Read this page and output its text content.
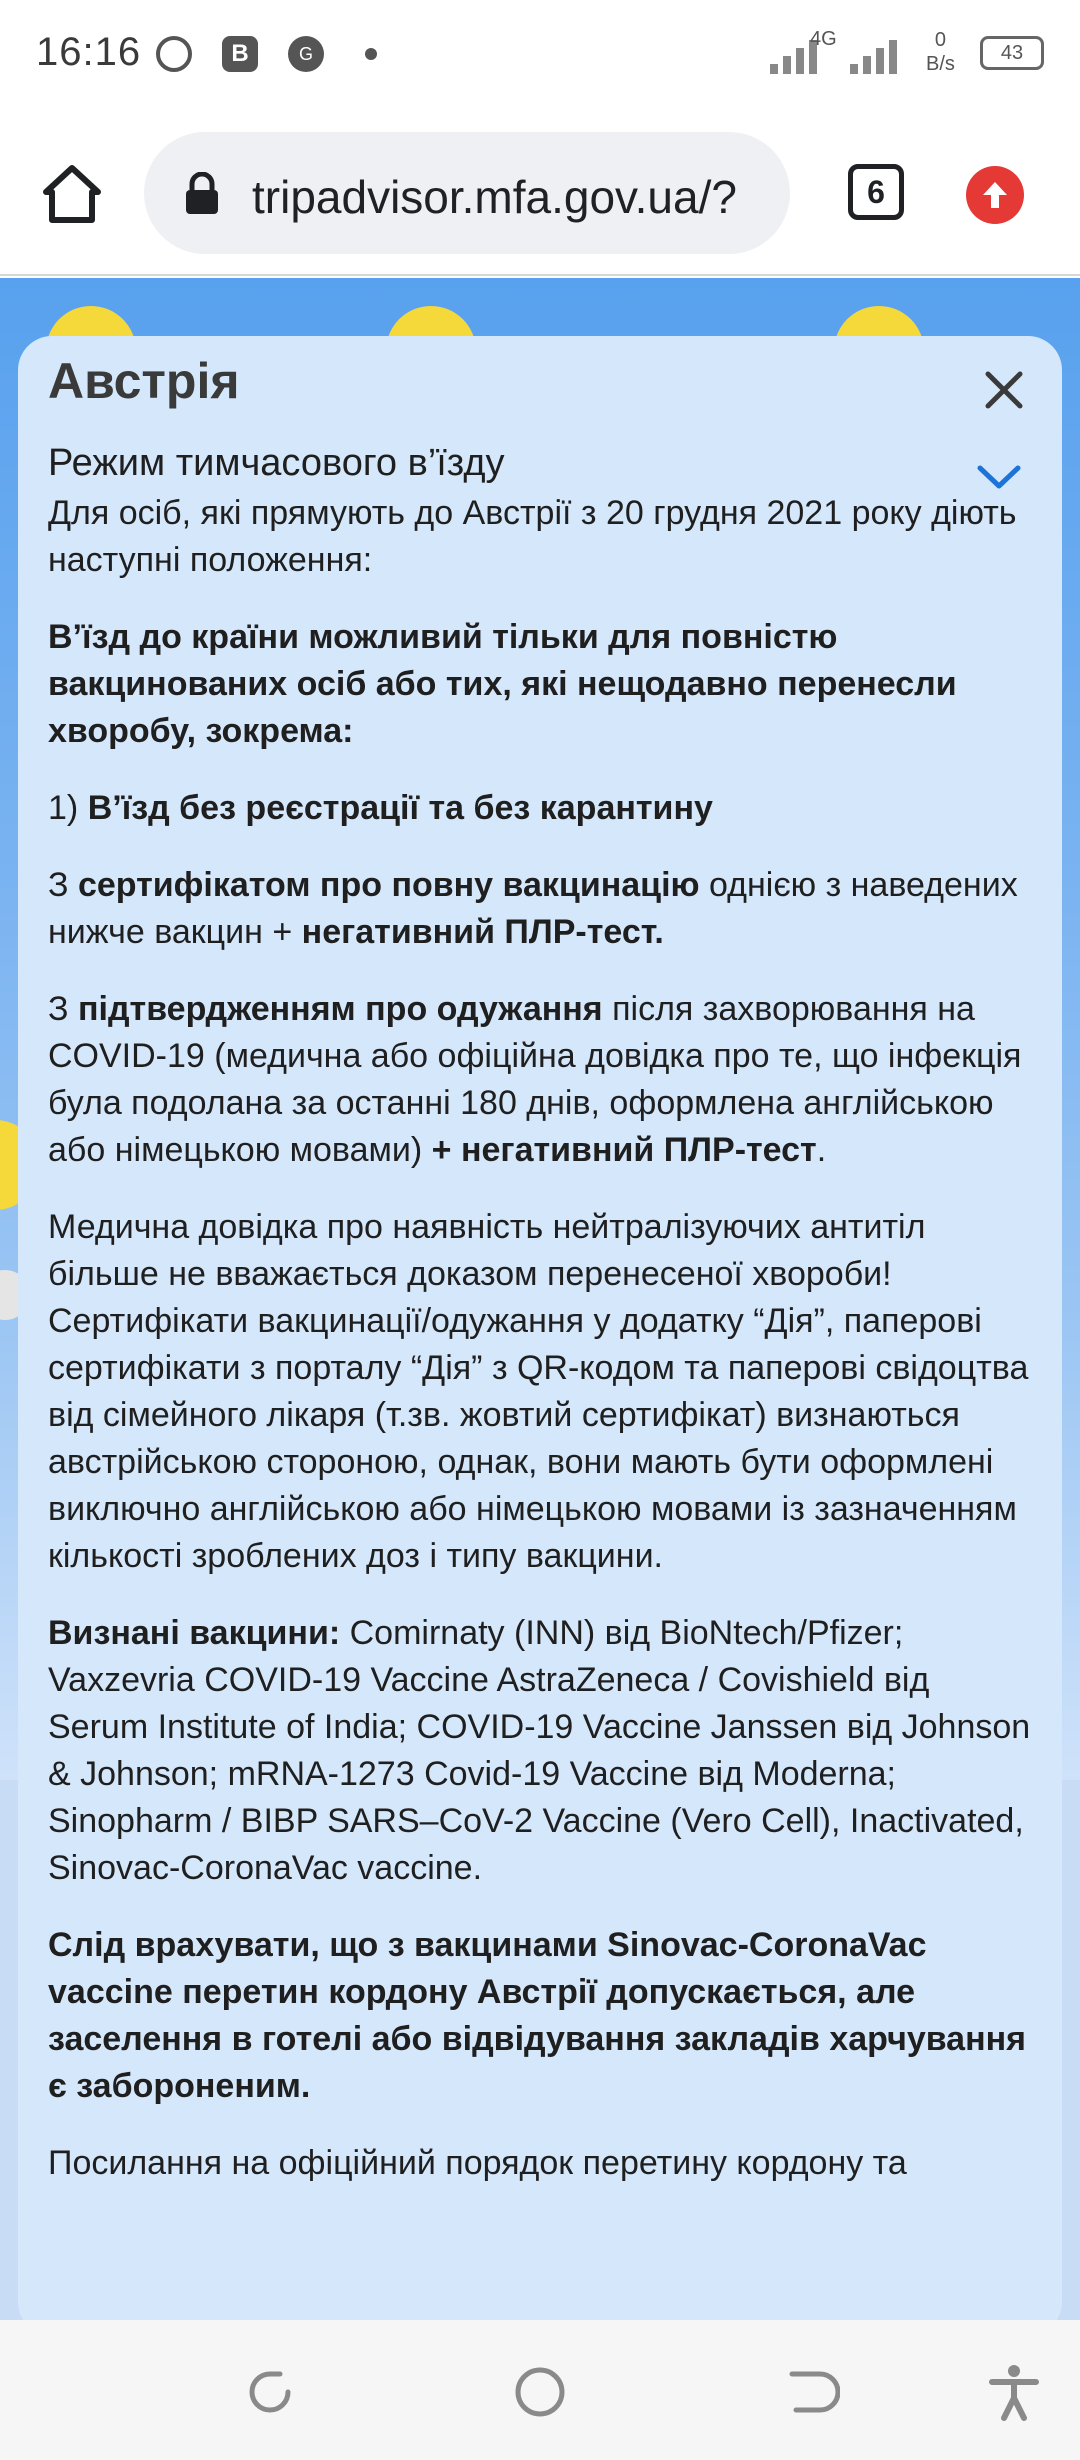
16:16	B	G
4G	0
B/s	43
tripadvisor.mfa.gov.ua/?	6
Австрія
Режим тимчасового в’їзду

Для осіб, які прямують до Австрії з 20 грудня 2021 року діють наступні положення:

В’їзд до країни можливий тільки для повністю вакцинованих осіб або тих, які нещодавно перенесли хворобу, зокрема:

1) В’їзд без реєстрації та без карантину

З сертифікатом про повну вакцинацію однією з наведених нижче вакцин + негативний ПЛР-тест.

З підтвердженням про одужання після захворювання на COVID-19 (медична або офіційна довідка про те, що інфекція була подолана за останні 180 днів, оформлена англійською або німецькою мовами) + негативний ПЛР-тест.

Медична довідка про наявність нейтралізуючих антитіл більше не вважається доказом перенесеної хвороби! Сертифікати вакцинації/одужання у додатку “Дія”, паперові сертифікати з порталу “Дія” з QR-кодом та паперові свідоцтва від сімейного лікаря (т.зв. жовтий сертифікат) визнаються австрійською стороною, однак, вони мають бути оформлені виключно англійською або німецькою мовами із зазначенням кількості зроблених доз і типу вакцини.

Визнані вакцини: Comirnaty (INN) від BioNtech/Pfizer; Vaxzevria COVID-19 Vaccine AstraZeneca / Covishield від Serum Institute of India; COVID-19 Vaccine Janssen від Johnson & Johnson; mRNA-1273 Covid-19 Vaccine від Moderna; Sinopharm / BIBP SARS–CoV-2 Vaccine (Vero Cell), Inactivated, Sinovac-CoronaVac vaccine.

Слід врахувати, що з вакцинами Sinovac-CoronaVac vaccine перетин кордону Австрії допускається, але заселення в готелі або відвідування закладів харчування є забороненим.

Посилання на офіційний порядок перетину кордону та
